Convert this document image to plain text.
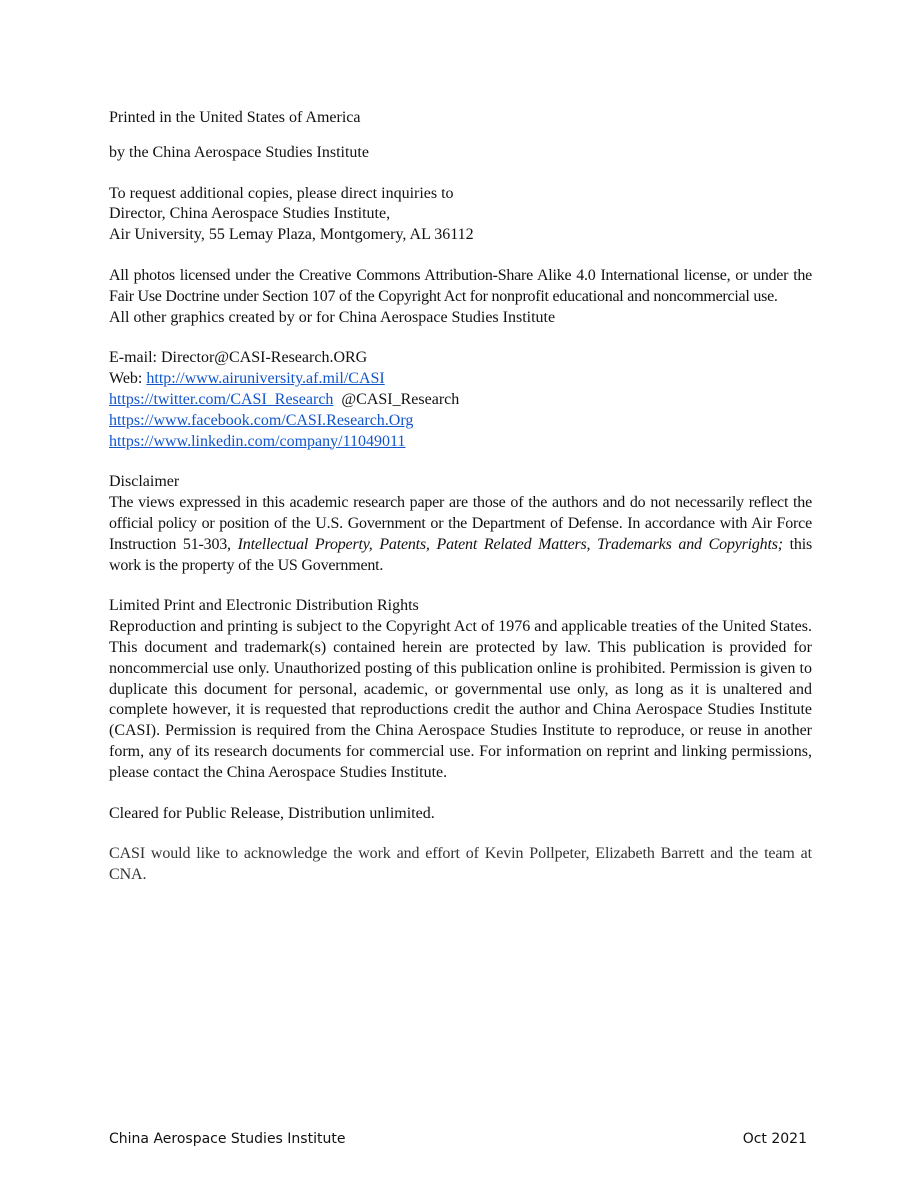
Printed in the United States of America

by the China Aerospace Studies Institute

To request additional copies, please direct inquiries to
Director, China Aerospace Studies Institute,
Air University, 55 Lemay Plaza, Montgomery, AL 36112

All photos licensed under the Creative Commons Attribution-Share Alike 4.0 International license, or under the Fair Use Doctrine under Section 107 of the Copyright Act for nonprofit educational and noncommercial use.

All other graphics created by or for China Aerospace Studies Institute

E-mail: Director@CASI-Research.ORG
Web: http://www.airuniversity.af.mil/CASI
https://twitter.com/CASI_Research @CASI_Research
https://www.facebook.com/CASI.Research.Org
https://www.linkedin.com/company/11049011

Disclaimer

The views expressed in this academic research paper are those of the authors and do not necessarily reflect the official policy or position of the U.S. Government or the Department of Defense. In accordance with Air Force Instruction 51-303, Intellectual Property, Patents, Patent Related Matters, Trademarks and Copyrights; this work is the property of the US Government.

Limited Print and Electronic Distribution Rights

Reproduction and printing is subject to the Copyright Act of 1976 and applicable treaties of the United States. This document and trademark(s) contained herein are protected by law. This publication is provided for noncommercial use only. Unauthorized posting of this publication online is prohibited. Permission is given to duplicate this document for personal, academic, or governmental use only, as long as it is unaltered and complete however, it is requested that reproductions credit the author and China Aerospace Studies Institute (CASI). Permission is required from the China Aerospace Studies Institute to reproduce, or reuse in another form, any of its research documents for commercial use. For information on reprint and linking permissions, please contact the China Aerospace Studies Institute.

Cleared for Public Release, Distribution unlimited.

CASI would like to acknowledge the work and effort of Kevin Pollpeter, Elizabeth Barrett and the team at CNA.

China Aerospace Studies Institute	Oct 2021
